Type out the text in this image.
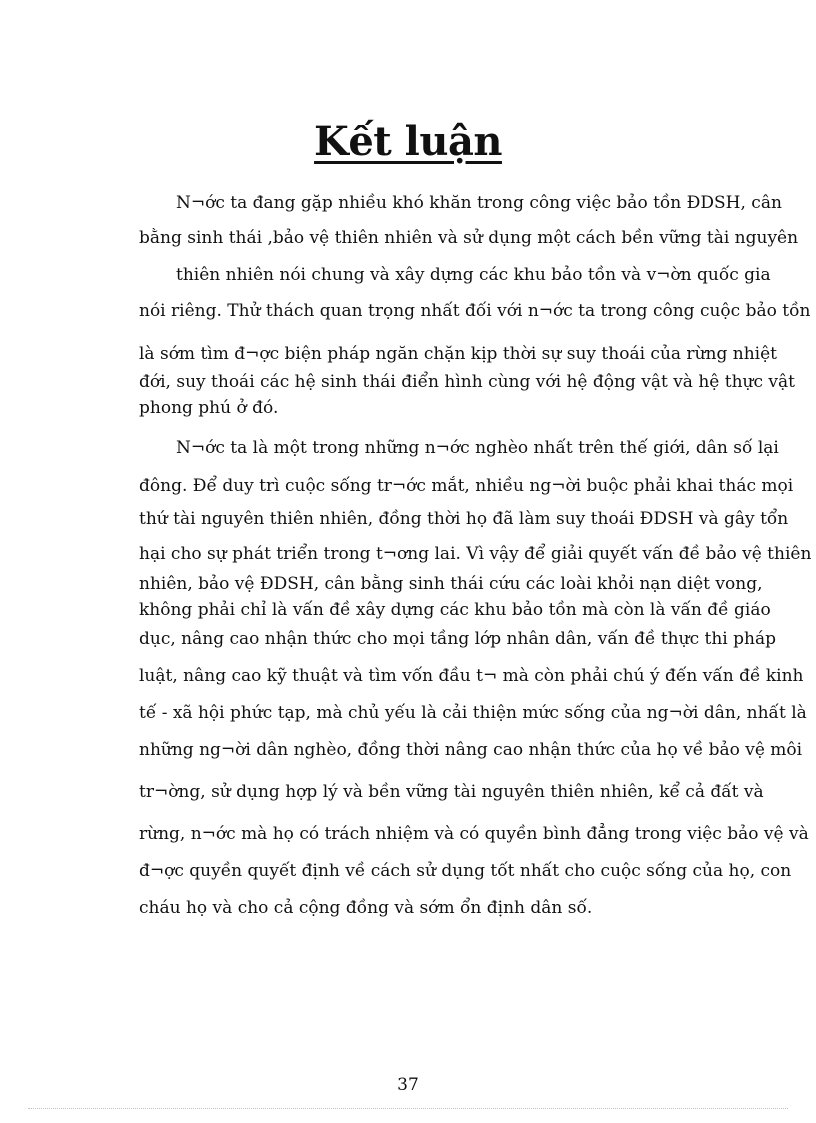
Kết luận
N¬ớc ta đang gặp nhiều khó khăn trong công việc bảo tồn ĐDSH, cân
bằng sinh thái ,bảo vệ thiên nhiên và sử dụng một cách bền vững tài nguyên
thiên nhiên nói chung và xây dựng các khu bảo tồn và v¬ờn quốc gia
nói riêng. Thử thách quan trọng nhất đối với n¬ớc ta trong công cuộc bảo tồn
là sớm tìm đ¬ợc biện pháp ngăn chặn kịp thời sự suy thoái của rừng nhiệt
đới, suy thoái các hệ sinh thái điển hình cùng với hệ động vật và hệ thực vật
phong phú ở đó.
N¬ớc ta là một trong những n¬ớc nghèo nhất trên thế giới, dân số lại
đông. Để duy trì cuộc sống tr¬ớc mắt, nhiều ng¬ời buộc phải khai thác mọi
thứ tài nguyên thiên nhiên, đồng thời họ đã làm suy thoái ĐDSH và gây tổn
hại cho sự phát triển trong t¬ơng lai. Vì vậy để giải quyết vấn đề bảo vệ thiên
nhiên, bảo vệ ĐDSH, cân bằng sinh thái cứu các loài khỏi nạn diệt vong,
không phải chỉ là vấn đề xây dựng các khu bảo tồn mà còn là vấn đề giáo
dục, nâng cao nhận thức cho mọi tầng lớp nhân dân, vấn đề thực thi pháp
luật, nâng cao kỹ thuật và tìm vốn đầu t¬ mà còn phải chú ý đến vấn đề kinh
tế - xã hội phức tạp, mà chủ yếu là cải thiện mức sống của ng¬ời dân, nhất là
những ng¬ời dân nghèo, đồng thời nâng cao nhận thức của họ về bảo vệ môi
tr¬ờng, sử dụng hợp lý và bền vững tài nguyên thiên nhiên, kể cả đất và
rừng, n¬ớc mà họ có trách nhiệm và có quyền bình đẳng trong việc bảo vệ và
đ¬ợc quyền quyết định về cách sử dụng tốt nhất cho cuộc sống của họ, con
cháu họ và cho cả cộng đồng và sớm ổn định dân số.
37
